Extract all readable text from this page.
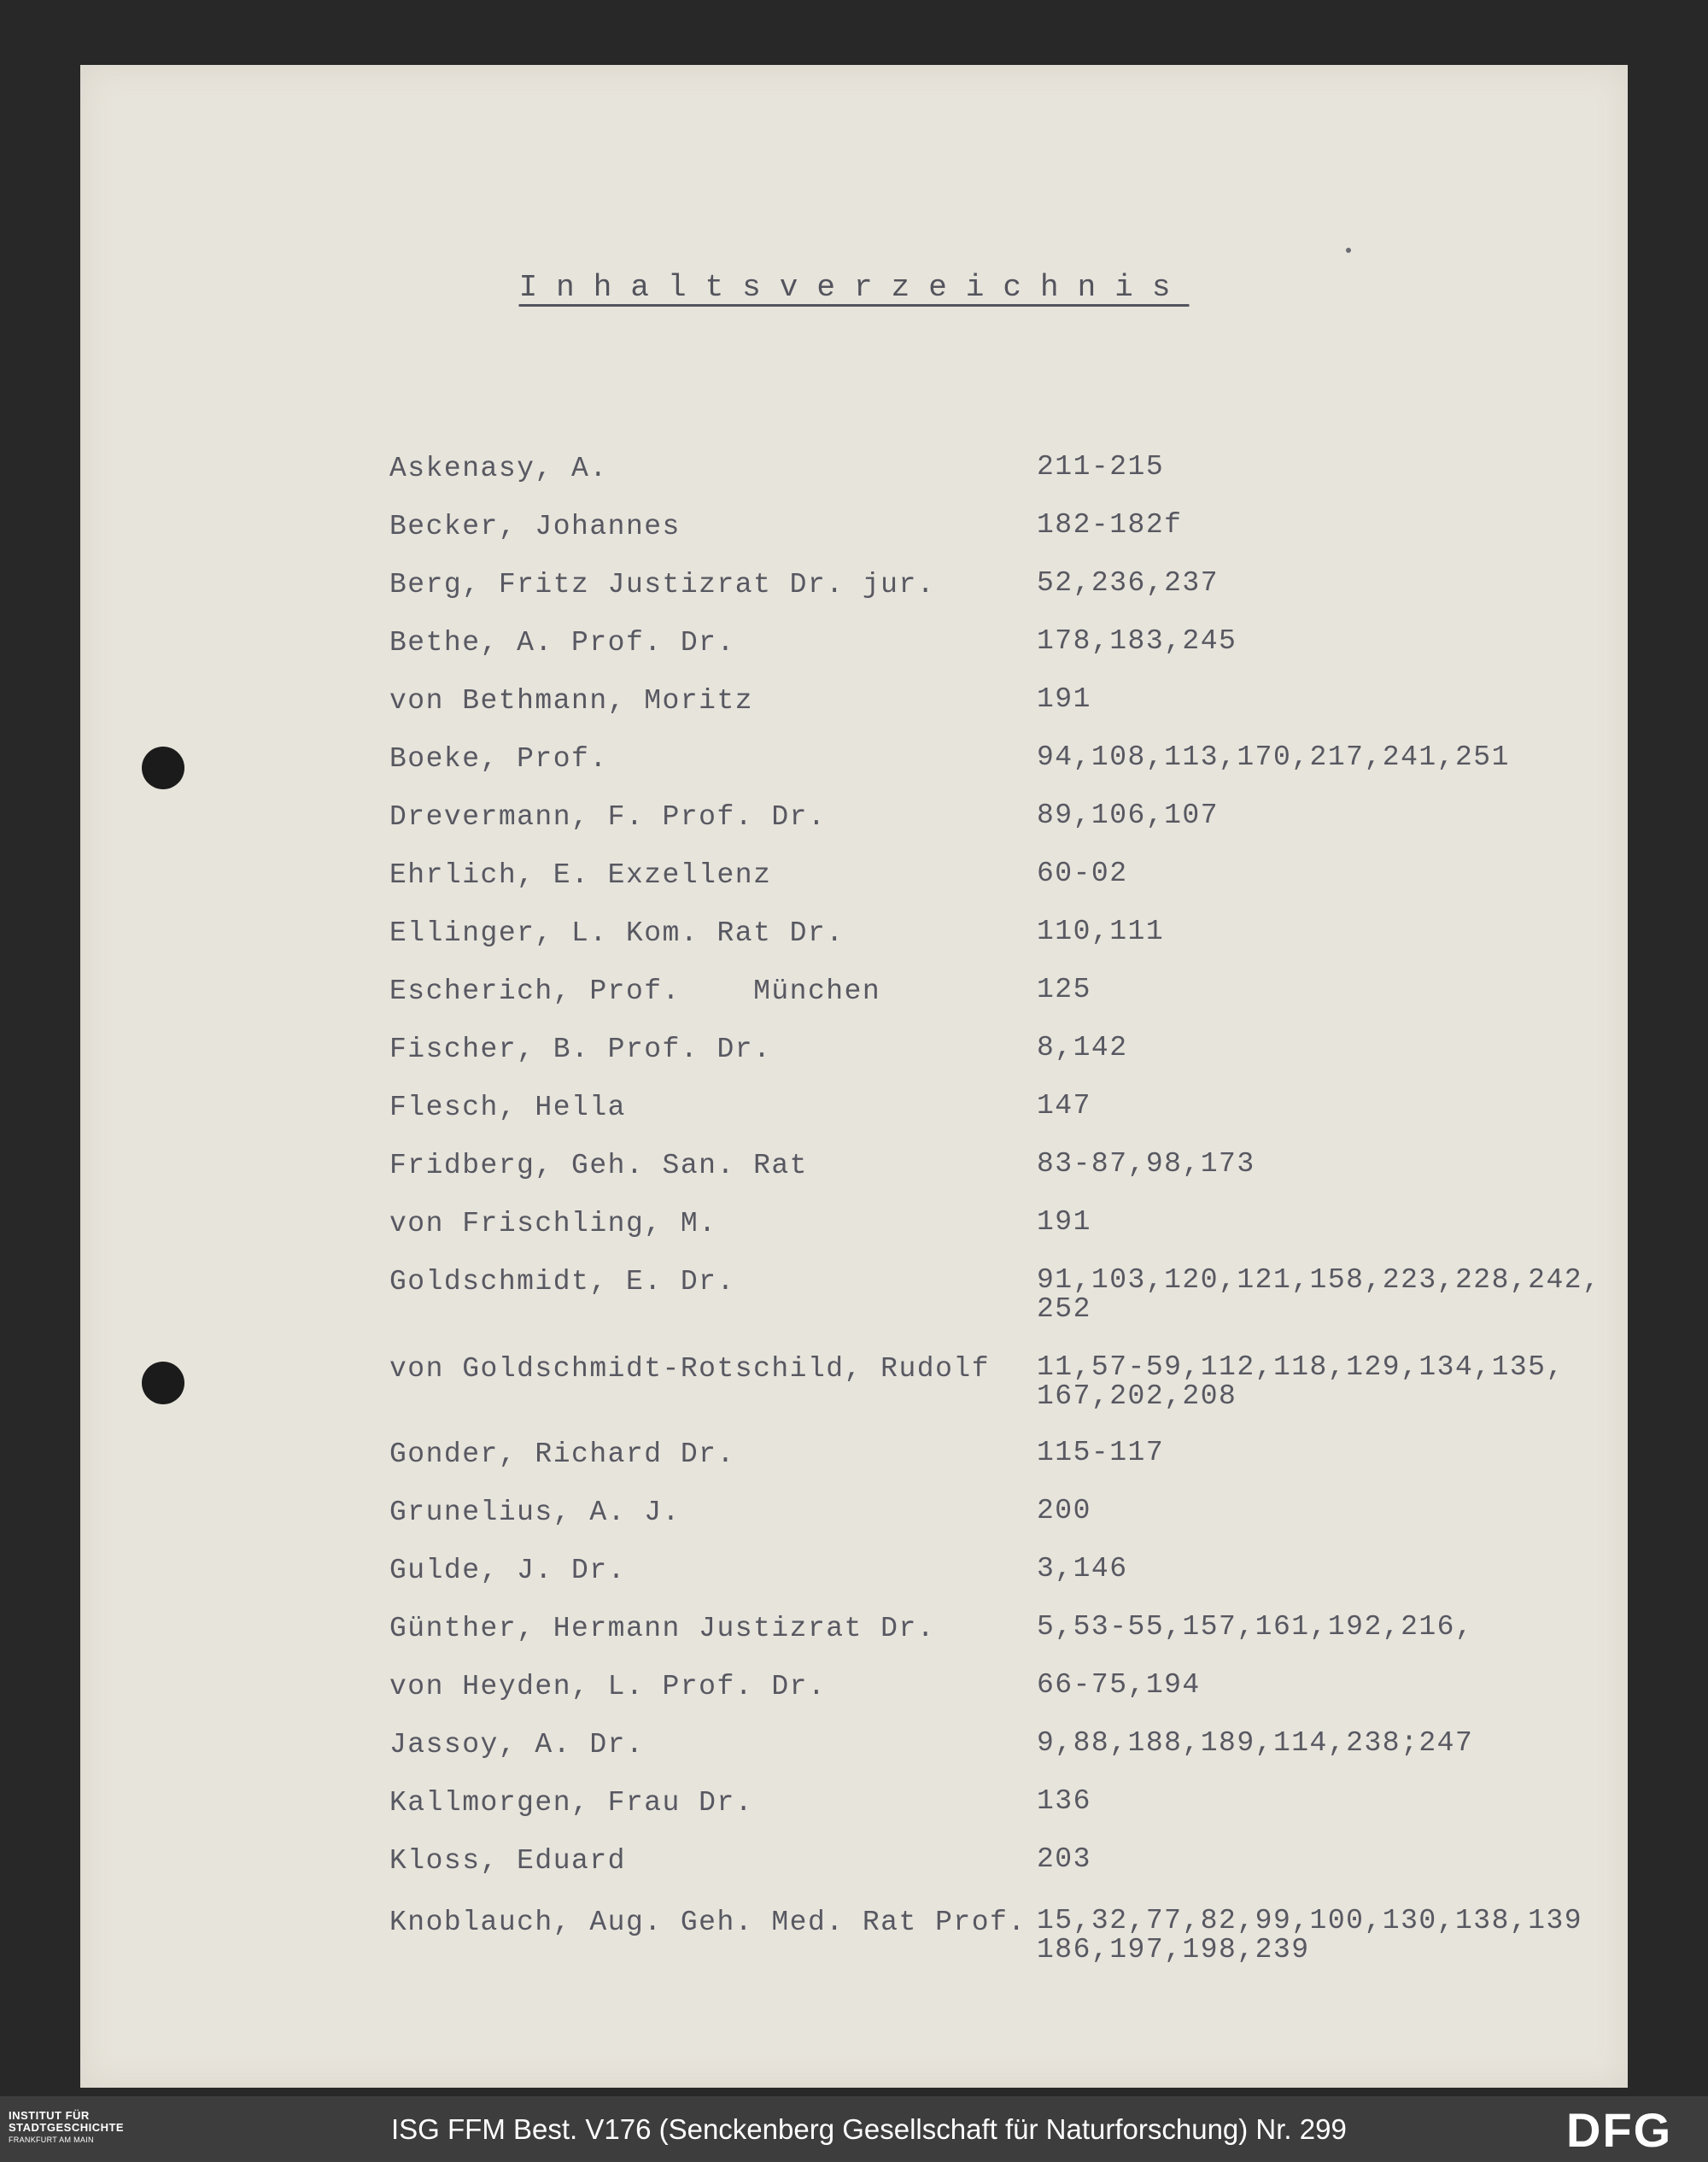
Inhaltsverzeichnis
Askenasy, A.	211-215
Becker, Johannes	182-182f
Berg, Fritz Justizrat Dr. jur.	52,236,237
Bethe, A. Prof. Dr.	178,183,245
von Bethmann, Moritz	191
Boeke, Prof.	94,108,113,170,217,241,251
Drevermann, F. Prof. Dr.	89,106,107
Ehrlich, E. Exzellenz	60-02
Ellinger, L. Kom. Rat Dr.	110,111
Escherich, Prof.    München	125
Fischer, B. Prof. Dr.	8,142
Flesch, Hella	147
Fridberg, Geh. San. Rat	83-87,98,173
von Frischling, M.	191
Goldschmidt, E. Dr.	91,103,120,121,158,223,228,242,
252
von Goldschmidt-Rotschild, Rudolf 11,57-59,112,118,129,134,135,
167,202,208
Gonder, Richard Dr.	115-117
Grunelius, A. J.	200
Gulde, J. Dr.	3,146
Günther, Hermann Justizrat Dr.	5,53-55,157,161,192,216,
von Heyden, L. Prof. Dr.	66-75,194
Jassoy, A. Dr.	9,88,188,189,114,238;247
Kallmorgen, Frau Dr.	136
Kloss, Eduard	203
Knoblauch, Aug. Geh. Med. Rat Prof. 15,32,77,82,99,100,130,138,139
186,197,198,239
INSTITUT FÜR
STADTGESCHICHTE
FRANKFURT AM MAIN	ISG FFM Best. V176 (Senckenberg Gesellschaft für Naturforschung) Nr. 299	DFG
